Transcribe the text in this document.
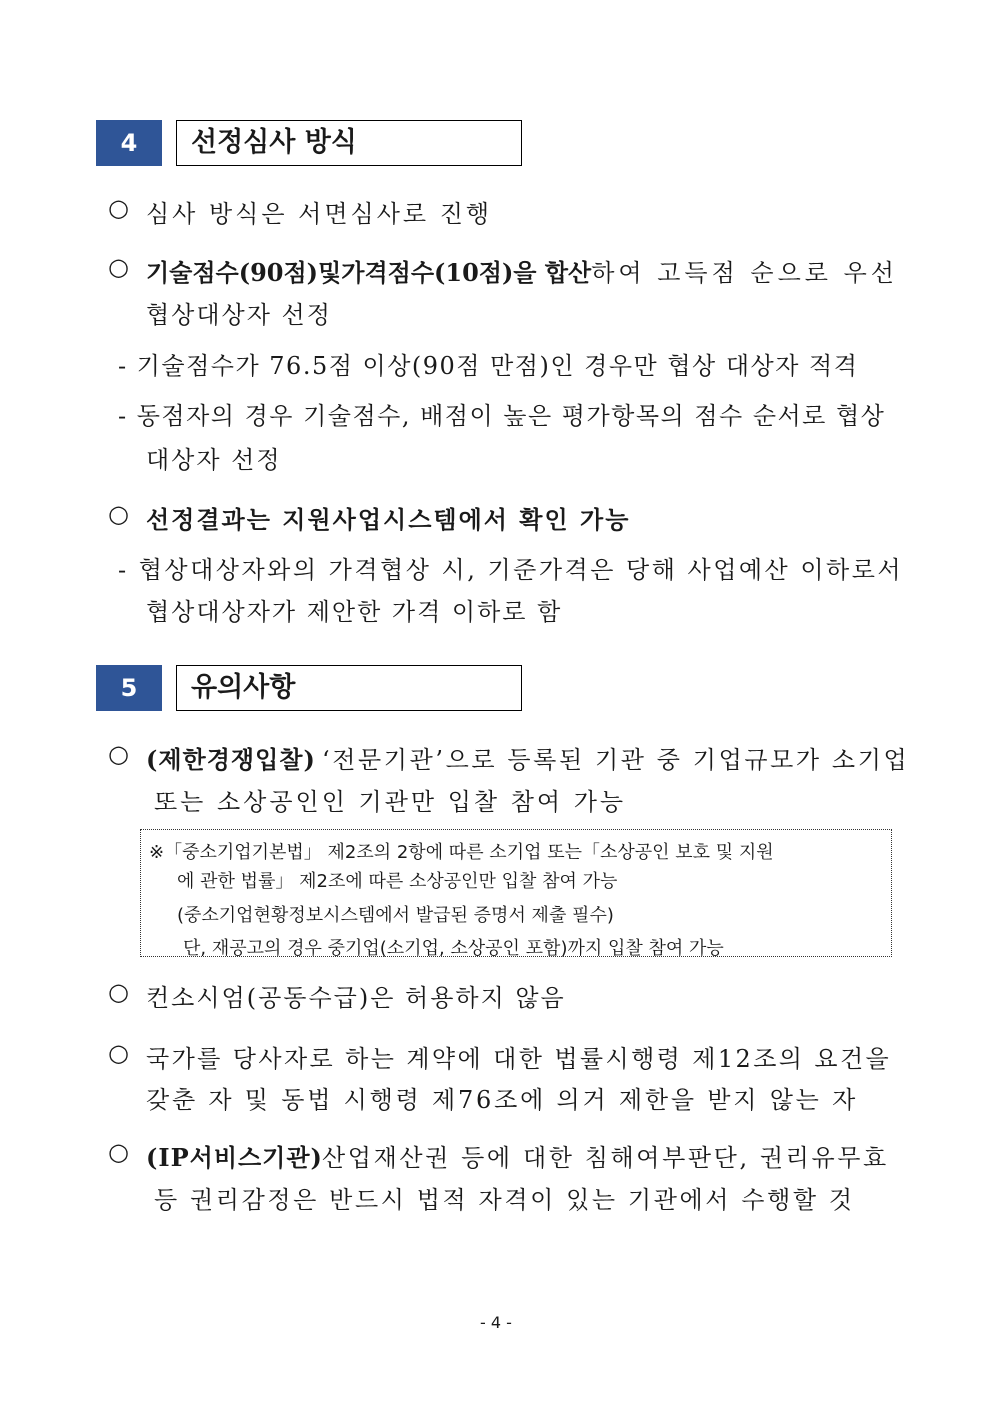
4	선정심사 방식
○ 심사 방식은 서면심사로 진행
○ 기술점수(90점) 및 가격점수(10점)을 합산 하여 고득점 순으로 우선
협상대상자 선정
- 기술점수가 76.5점 이상(90점 만점)인 경우만 협상 대상자 적격
- 동점자의 경우 기술점수, 배점이 높은 평가항목의 점수 순서로 협상
대상자 선정
○ 선정결과는 지원사업시스템에서 확인 가능
- 협상대상자와의 가격협상 시, 기준가격은 당해 사업예산 이하로서
협상대상자가 제안한 가격 이하로 함
5	유의사항
○ (제한경쟁입찰) ‘전문기관’으로 등록된 기관 중 기업규모가 소기업
또는 소상공인인 기관만 입찰 참여 가능
※「중소기업기본법」 제2조의 2항에 따른 소기업 또는「소상공인 보호 및 지원
에 관한 법률」 제2조에 따른 소상공인만 입찰 참여 가능
(중소기업현황정보시스템에서 발급된 증명서 제출 필수)
단, 재공고의 경우 중기업(소기업, 소상공인 포함)까지 입찰 참여 가능
○ 컨소시엄(공동수급)은 허용하지 않음
○ 국가를 당사자로 하는 계약에 대한 법률시행령 제12조의 요건을
갖춘 자 및 동법 시행령 제76조에 의거 제한을 받지 않는 자
○ (IP서비스기관) 산업재산권 등에 대한 침해여부판단, 권리유무효
등 권리감정은 반드시 법적 자격이 있는 기관에서 수행할 것
- 4 -
